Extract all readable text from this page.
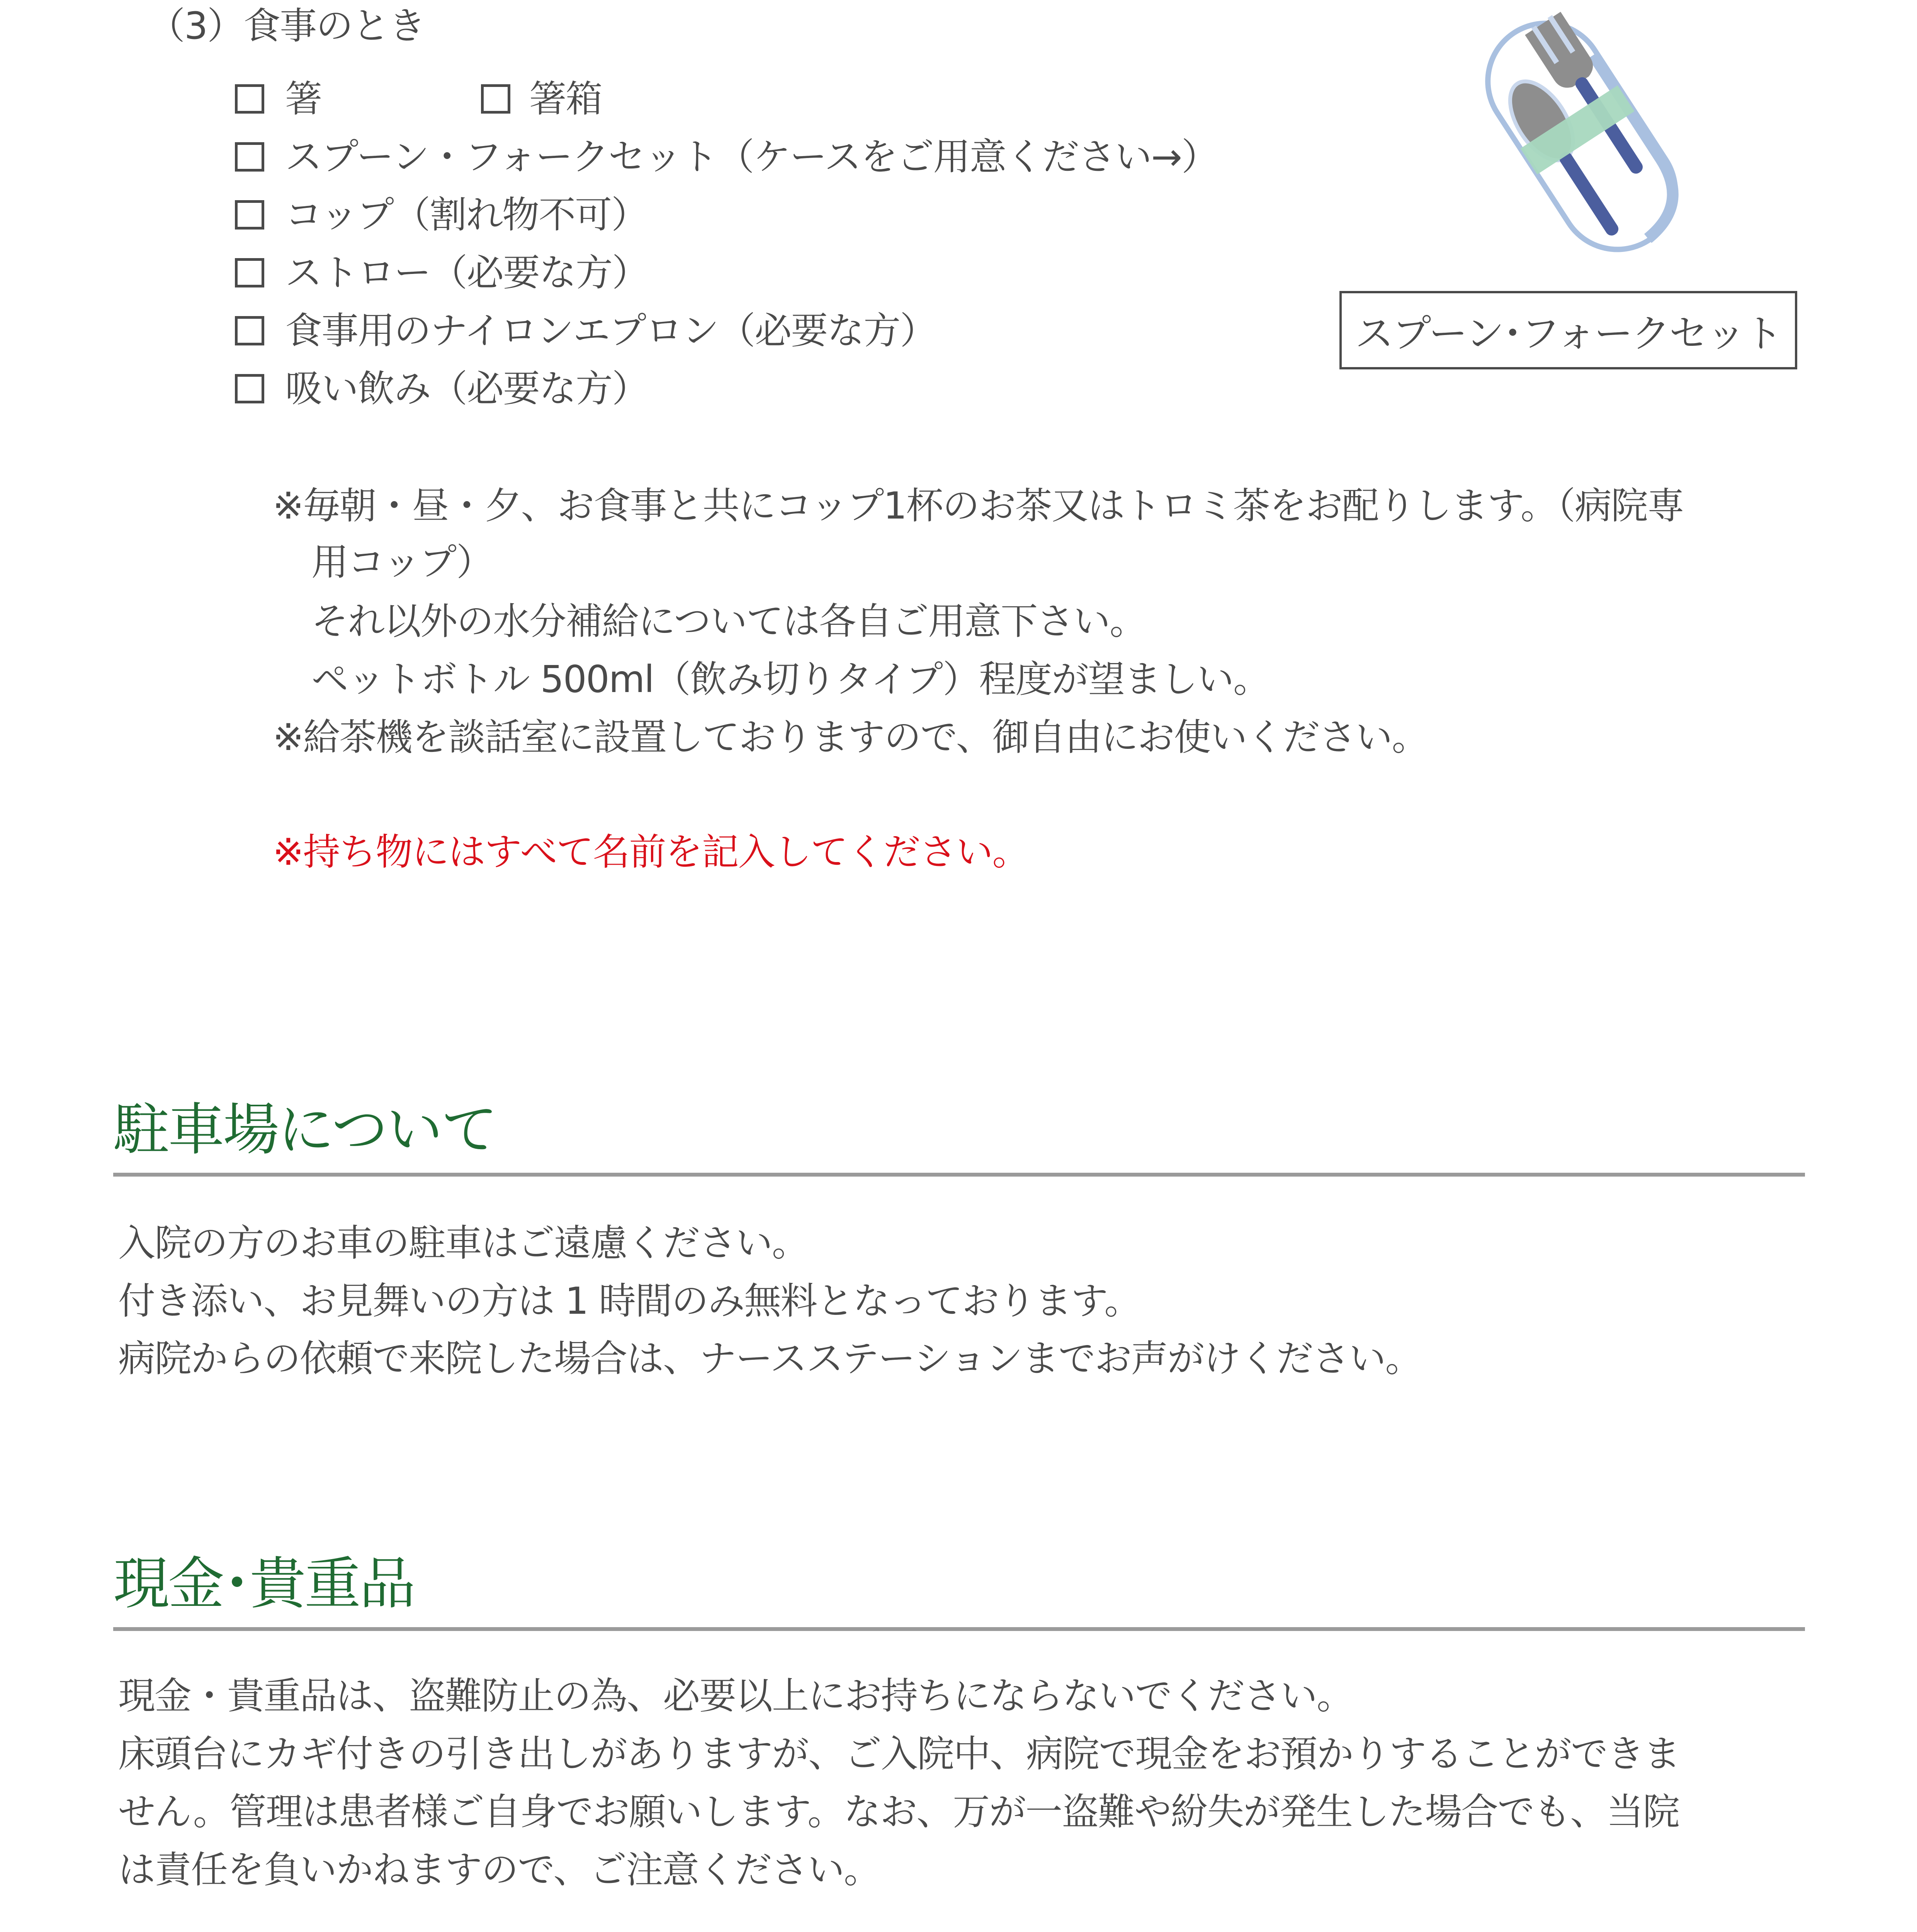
（3）食事のとき
箸	箸箱
スプーン・フォークセット（ケースをご用意ください→）
コップ（割れ物不可）
ストロー（必要な方）
食事用のナイロンエプロン（必要な方）
吸い飲み（必要な方）
スプーン･フォークセット
※毎朝・昼・夕、お食事と共にコップ1杯のお茶又はトロミ茶をお配りします。（病院専
用コップ）
それ以外の水分補給については各自ご用意下さい。
ペットボトル 500ml（飲み切りタイプ）程度が望ましい。
※給茶機を談話室に設置しておりますので、御自由にお使いください。
※持ち物にはすべて名前を記入してください。
駐車場について
入院の方のお車の駐車はご遠慮ください。
付き添い、お見舞いの方は 1 時間のみ無料となっております。
病院からの依頼で来院した場合は、ナースステーションまでお声がけください。
現金･貴重品
現金・貴重品は、盗難防止の為、必要以上にお持ちにならないでください。
床頭台にカギ付きの引き出しがありますが、ご入院中、病院で現金をお預かりすることができま
せん。管理は患者様ご自身でお願いします。なお、万が一盗難や紛失が発生した場合でも、当院
は責任を負いかねますので、ご注意ください。
